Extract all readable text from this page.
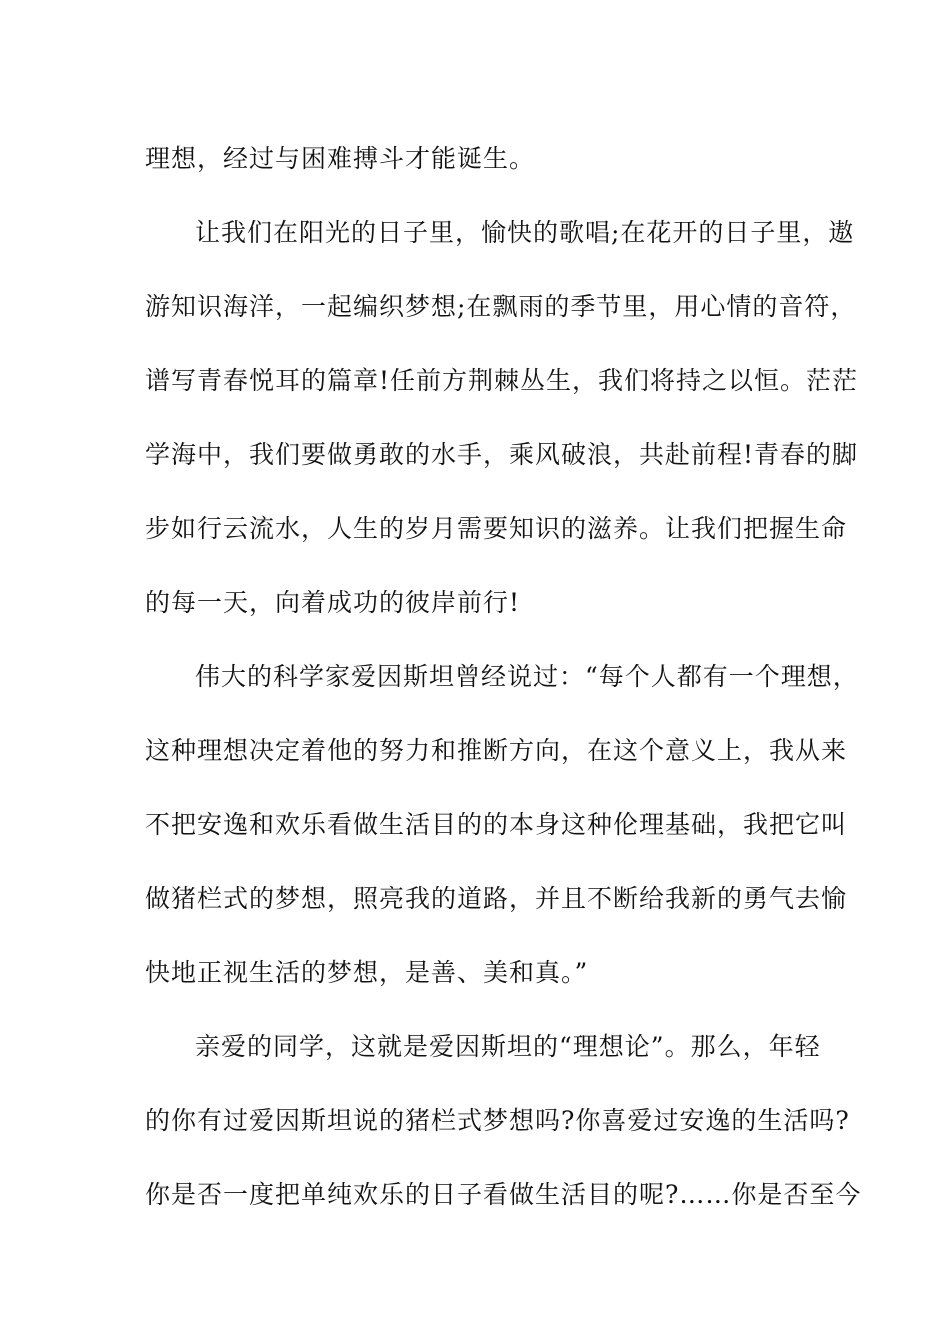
理想，经过与困难搏斗才能诞生。
让我们在阳光的日子里，愉快的歌唱;在花开的日子里，遨
游知识海洋，一起编织梦想;在飘雨的季节里，用心情的音符，
谱写青春悦耳的篇章!任前方荆棘丛生，我们将持之以恒。茫茫
学海中，我们要做勇敢的水手，乘风破浪，共赴前程!青春的脚
步如行云流水，人生的岁月需要知识的滋养。让我们把握生命
的每一天，向着成功的彼岸前行!
伟大的科学家爱因斯坦曾经说过：“每个人都有一个理想，
这种理想决定着他的努力和推断方向，在这个意义上，我从来
不把安逸和欢乐看做生活目的的本身这种伦理基础，我把它叫
做猪栏式的梦想，照亮我的道路，并且不断给我新的勇气去愉
快地正视生活的梦想，是善、美和真。”
亲爱的同学，这就是爱因斯坦的“理想论”。那么，年轻
的你有过爱因斯坦说的猪栏式梦想吗?你喜爱过安逸的生活吗?
你是否一度把单纯欢乐的日子看做生活目的呢?……你是否至今
